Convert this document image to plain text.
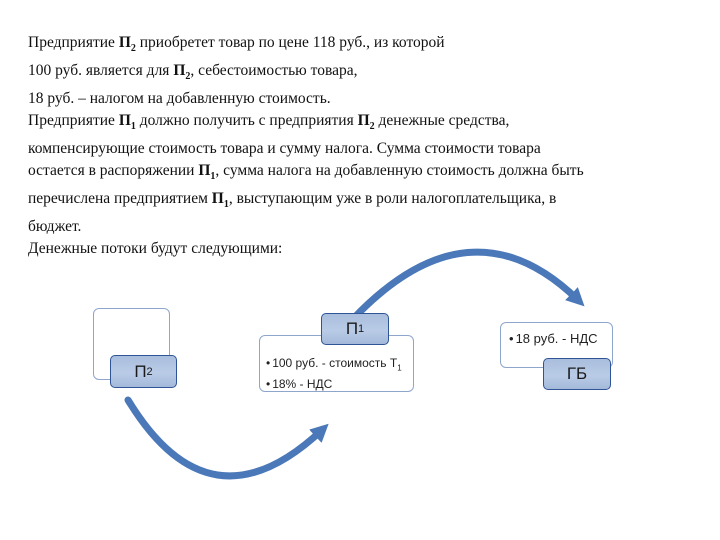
Предприятие $П_2$ приобретет товар по цене 118 руб., из которой

100 руб. является для $П_2$, себестоимостью товара,

18 руб. – налогом на добавленную стоимость.

Предприятие $П_1$ должно получить с предприятия $П_2$ денежные средства,

компенсирующие стоимость товара и сумму налога. Сумма стоимости товара

остается в распоряжении $П_1$, сумма налога на добавленную стоимость должна быть

перечислена предприятием $П_1$, выступающим уже в роли налогоплательщика, в

бюджет.

Денежные потоки будут следующими:

П 2
П 1
• 100 руб. - стоимость $Т_1$
• 18% - НДС
• 18 руб. - НДС
ГБ
